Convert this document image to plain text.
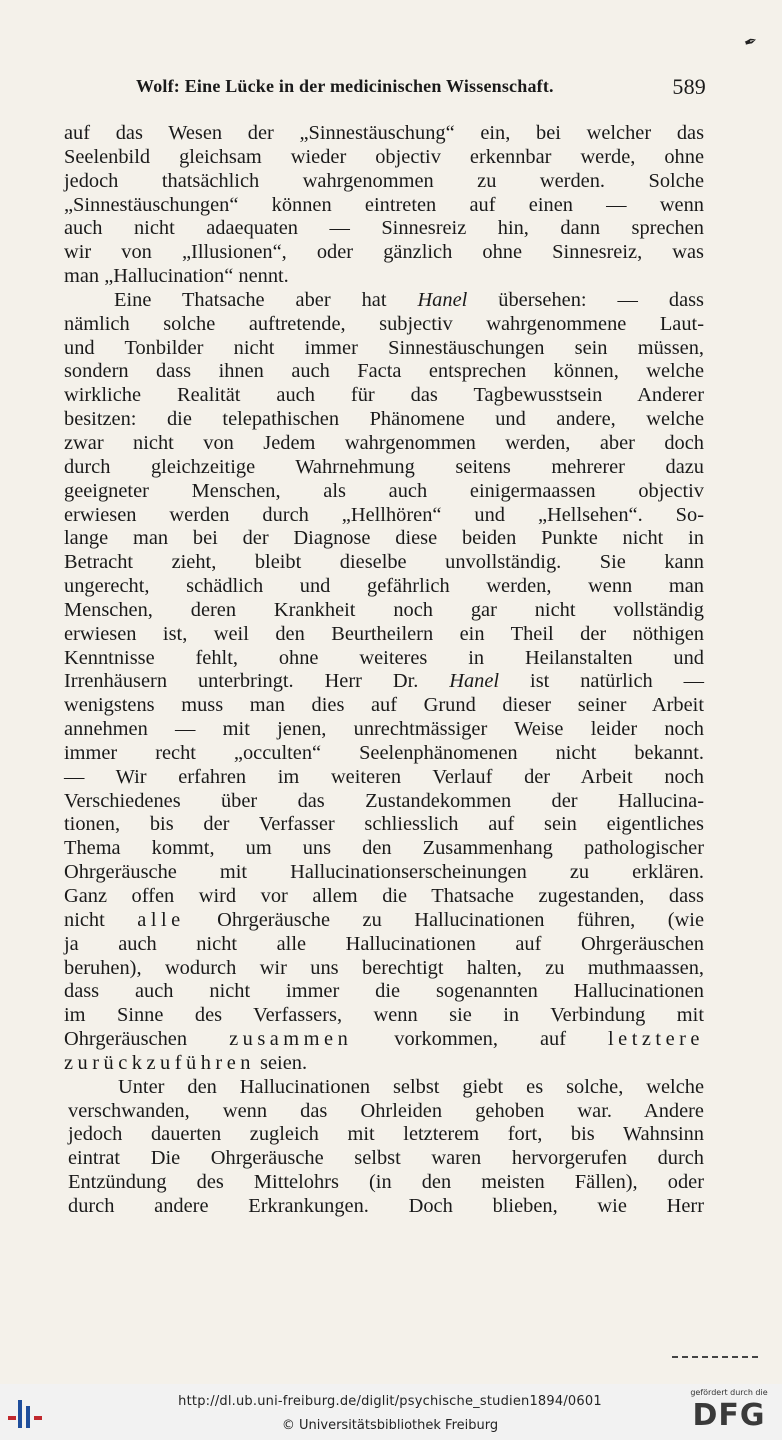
✒
Wolf: Eine Lücke in der medicinischen Wissenschaft.	589
auf das Wesen der „Sinnestäuschung“ ein, bei welcher das
Seelenbild gleichsam wieder objectiv erkennbar werde, ohne
jedoch thatsächlich wahrgenommen zu werden. Solche
„Sinnestäuschungen“ können eintreten auf einen — wenn
auch nicht adaequaten — Sinnesreiz hin, dann sprechen
wir von „Illusionen“, oder gänzlich ohne Sinnesreiz, was
man „Hallucination“ nennt.
Eine Thatsache aber hat Hanel übersehen: — dass
nämlich solche auftretende, subjectiv wahrgenommene Laut-
und Tonbilder nicht immer Sinnestäuschungen sein müssen,
sondern dass ihnen auch Facta entsprechen können, welche
wirkliche Realität auch für das Tagbewusstsein Anderer
besitzen: die telepathischen Phänomene und andere, welche
zwar nicht von Jedem wahrgenommen werden, aber doch
durch gleichzeitige Wahrnehmung seitens mehrerer dazu
geeigneter Menschen, als auch einigermaassen objectiv
erwiesen werden durch „Hellhören“ und „Hellsehen“. So-
lange man bei der Diagnose diese beiden Punkte nicht in
Betracht zieht, bleibt dieselbe unvollständig. Sie kann
ungerecht, schädlich und gefährlich werden, wenn man
Menschen, deren Krankheit noch gar nicht vollständig
erwiesen ist, weil den Beurtheilern ein Theil der nöthigen
Kenntnisse fehlt, ohne weiteres in Heilanstalten und
Irrenhäusern unterbringt. Herr Dr. Hanel ist natürlich —
wenigstens muss man dies auf Grund dieser seiner Arbeit
annehmen — mit jenen, unrechtmässiger Weise leider noch
immer recht „occulten“ Seelenphänomenen nicht bekannt.
— Wir erfahren im weiteren Verlauf der Arbeit noch
Verschiedenes über das Zustandekommen der Hallucina-
tionen, bis der Verfasser schliesslich auf sein eigentliches
Thema kommt, um uns den Zusammenhang pathologischer
Ohrgeräusche mit Hallucinationserscheinungen zu erklären.
Ganz offen wird vor allem die Thatsache zugestanden, dass
nicht alle Ohrgeräusche zu Hallucinationen führen, (wie
ja auch nicht alle Hallucinationen auf Ohrgeräuschen
beruhen), wodurch wir uns berechtigt halten, zu muthmaassen,
dass auch nicht immer die sogenannten Hallucinationen
im Sinne des Verfassers, wenn sie in Verbindung mit
Ohrgeräuschen zusammen vorkommen, auf letztere
zurückzuführen seien.
Unter den Hallucinationen selbst giebt es solche, welche
verschwanden, wenn das Ohrleiden gehoben war. Andere
jedoch dauerten zugleich mit letzterem fort, bis Wahnsinn
eintrat Die Ohrgeräusche selbst waren hervorgerufen durch
Entzündung des Mittelohrs (in den meisten Fällen), oder
durch andere Erkrankungen. Doch blieben, wie Herr
http://dl.ub.uni-freiburg.de/diglit/psychische_studien1894/0601
© Universitätsbibliothek Freiburg
gefördert durch die
DFG
